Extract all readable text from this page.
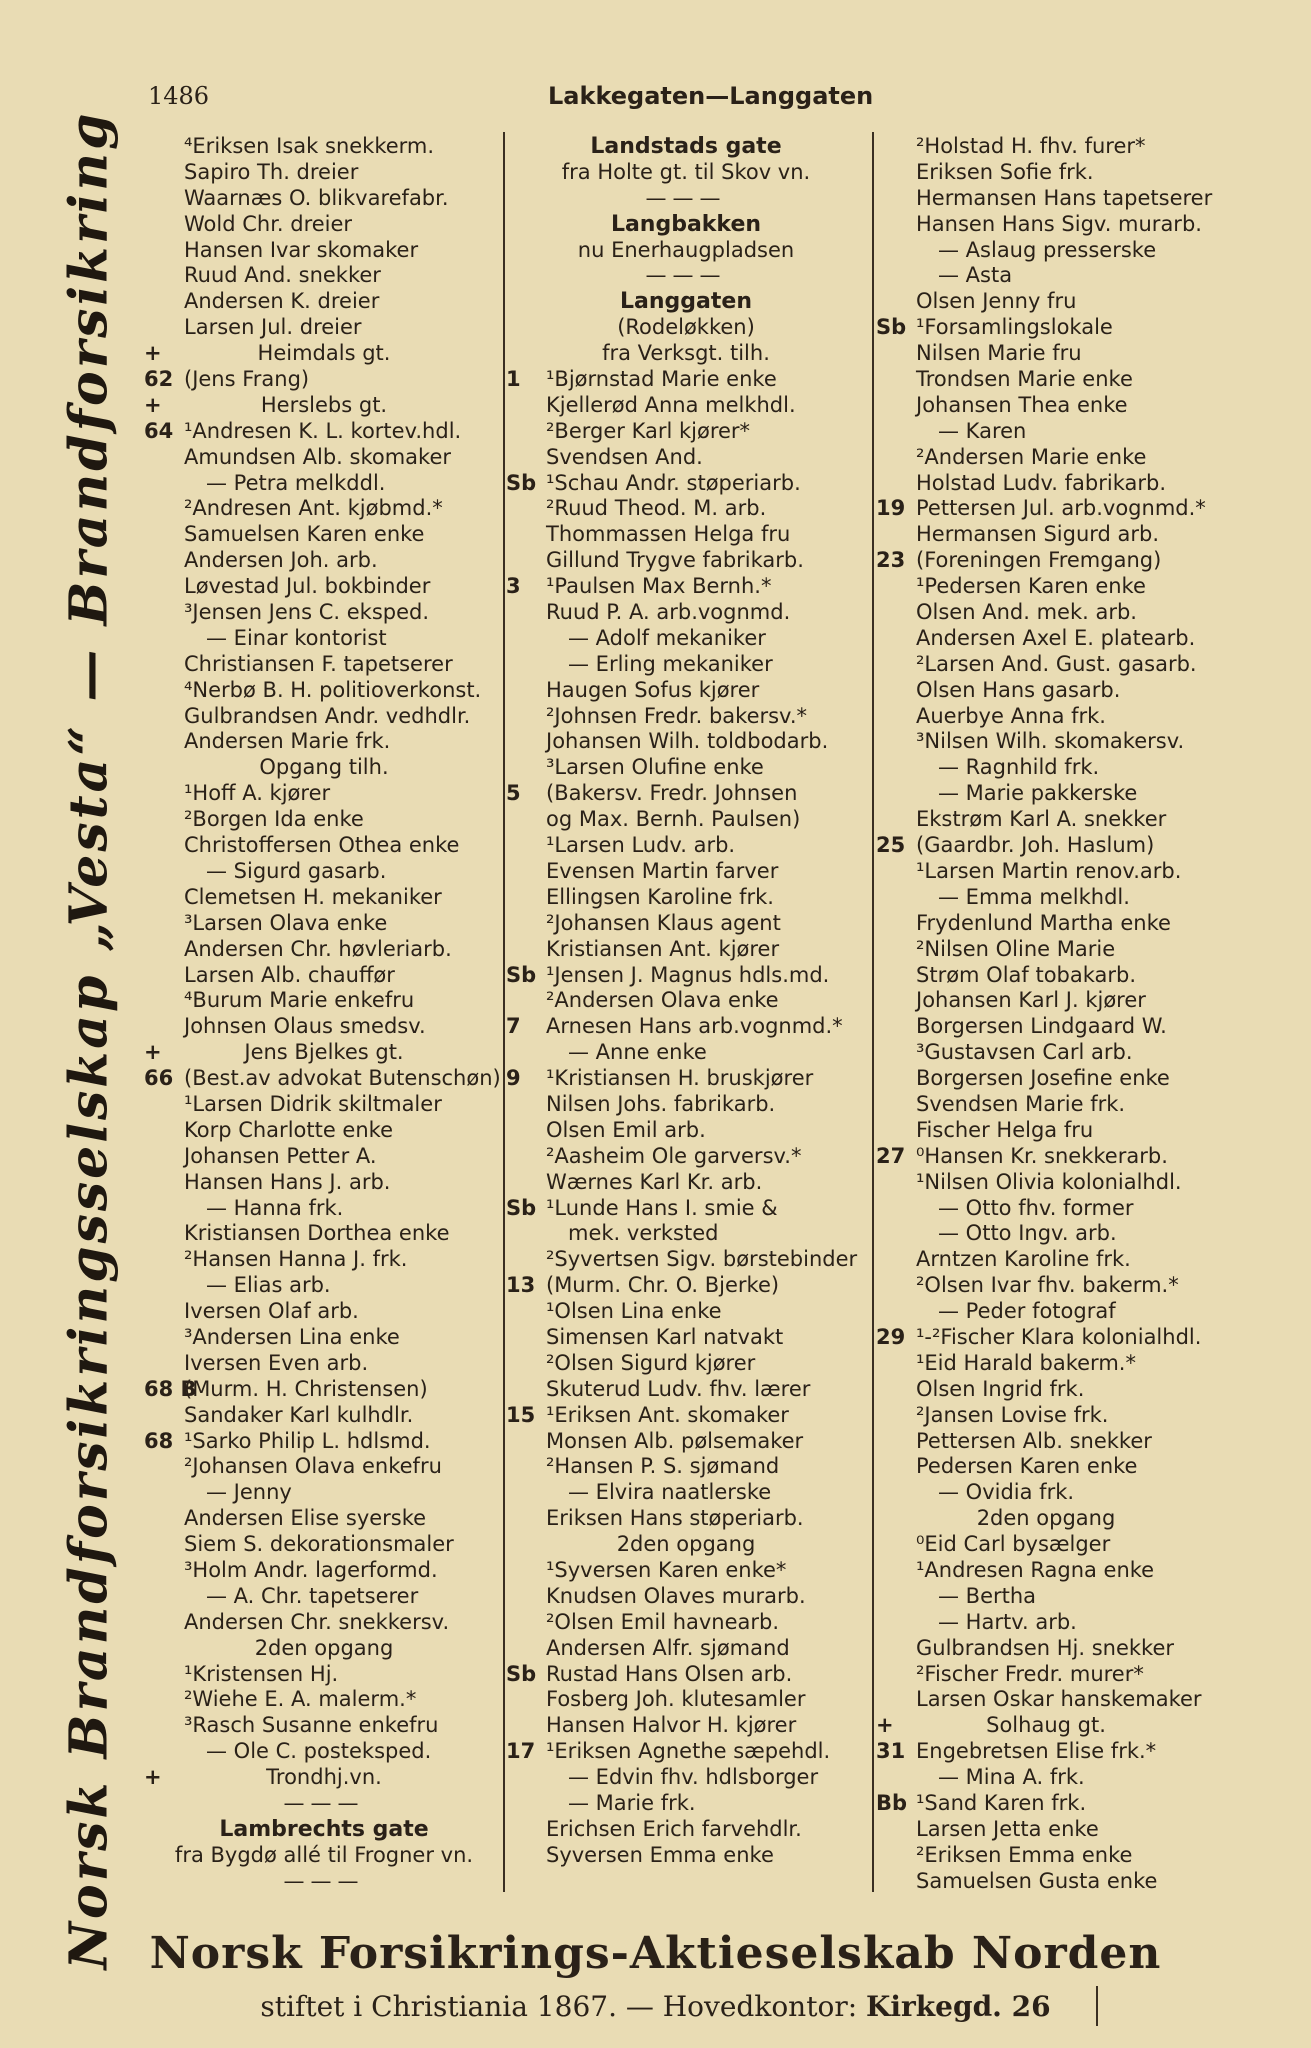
1486	Lakkegaten—Langgaten
Norsk Brandforsikringsselskap „Vesta“ — Brandforsikring	⁴Eriksen Isak snekkerm.
Sapiro Th. dreier
Waarnæs O. blikvarefabr.
Wold Chr. dreier
Hansen Ivar skomaker
Ruud And. snekker
Andersen K. dreier
Larsen Jul. dreier
+	Heimdals gt.
62 (Jens Frang)
+	Herslebs gt.
64 ¹Andresen K. L. kortev.hdl.
Amundsen Alb. skomaker
— Petra melkddl.
²Andresen Ant. kjøbmd.*
Samuelsen Karen enke
Andersen Joh. arb.
Løvestad Jul. bokbinder
³Jensen Jens C. eksped.
— Einar kontorist
Christiansen F. tapetserer
⁴Nerbø B. H. politioverkonst.
Gulbrandsen Andr. vedhdlr.
Andersen Marie frk.
Opgang tilh.
¹Hoff A. kjører
²Borgen Ida enke
Christoffersen Othea enke
— Sigurd gasarb.
Clemetsen H. mekaniker
³Larsen Olava enke
Andersen Chr. høvleriarb.
Larsen Alb. chauffør
⁴Burum Marie enkefru
Johnsen Olaus smedsv.
+	Jens Bjelkes gt.
66 (Best.av advokat Butenschøn)
¹Larsen Didrik skiltmaler
Korp Charlotte enke
Johansen Petter A.
Hansen Hans J. arb.
— Hanna frk.
Kristiansen Dorthea enke
²Hansen Hanna J. frk.
— Elias arb.
Iversen Olaf arb.
³Andersen Lina enke
Iversen Even arb.
68 B
(Murm. H. Christensen)
Sandaker Karl kulhdlr.
68 ¹Sarko Philip L. hdlsmd.
²Johansen Olava enkefru
— Jenny
Andersen Elise syerske
Siem S. dekorationsmaler
³Holm Andr. lagerformd.
— A. Chr. tapetserer
Andersen Chr. snekkersv.
2den opgang
¹Kristensen Hj.
²Wiehe E. A. malerm.*
³Rasch Susanne enkefru
— Ole C. posteksped.
+	Trondhj.vn.
———
Lambrechts gate
fra Bygdø allé til Frogner vn.
———
Landstads gate
fra Holte gt. til Skov vn.
———
Langbakken
nu Enerhaugpladsen
———
Langgaten
(Rodeløkken)
fra Verksgt. tilh.
1 ¹Bjørnstad Marie enke
Kjellerød Anna melkhdl.
²Berger Karl kjører*
Svendsen And.
Sb ¹Schau Andr. støperiarb.
²Ruud Theod. M. arb.
Thommassen Helga fru
Gillund Trygve fabrikarb.
3 ¹Paulsen Max Bernh.*
Ruud P. A. arb.vognmd.
— Adolf mekaniker
— Erling mekaniker
Haugen Sofus kjører
²Johnsen Fredr. bakersv.*
Johansen Wilh. toldbodarb.
³Larsen Olufine enke
5 (Bakersv. Fredr. Johnsen
og Max. Bernh. Paulsen)
¹Larsen Ludv. arb.
Evensen Martin farver
Ellingsen Karoline frk.
²Johansen Klaus agent
Kristiansen Ant. kjører
Sb ¹Jensen J. Magnus hdls.md.
²Andersen Olava enke
7 Arnesen Hans arb.vognmd.*
— Anne enke
9 ¹Kristiansen H. bruskjører
Nilsen Johs. fabrikarb.
Olsen Emil arb.
²Aasheim Ole garversv.*
Wærnes Karl Kr. arb.
Sb ¹Lunde Hans I. smie &
mek. verksted
²Syvertsen Sigv. børstebinder
13 (Murm. Chr. O. Bjerke)
¹Olsen Lina enke
Simensen Karl natvakt
²Olsen Sigurd kjører
Skuterud Ludv. fhv. lærer
15 ¹Eriksen Ant. skomaker
Monsen Alb. pølsemaker
²Hansen P. S. sjømand
— Elvira naatlerske
Eriksen Hans støperiarb.
2den opgang
¹Syversen Karen enke*
Knudsen Olaves murarb.
²Olsen Emil havnearb.
Andersen Alfr. sjømand
Sb Rustad Hans Olsen arb.
Fosberg Joh. klutesamler
Hansen Halvor H. kjører
17 ¹Eriksen Agnethe sæpehdl.
— Edvin fhv. hdlsborger
— Marie frk.
Erichsen Erich farvehdlr.
Syversen Emma enke
²Holstad H. fhv. furer*
Eriksen Sofie frk.
Hermansen Hans tapetserer
Hansen Hans Sigv. murarb.
— Aslaug presserske
— Asta
Olsen Jenny fru
Sb ¹Forsamlingslokale
Nilsen Marie fru
Trondsen Marie enke
Johansen Thea enke
— Karen
²Andersen Marie enke
Holstad Ludv. fabrikarb.
19 Pettersen Jul. arb.vognmd.*
Hermansen Sigurd arb.
23 (Foreningen Fremgang)
¹Pedersen Karen enke
Olsen And. mek. arb.
Andersen Axel E. platearb.
²Larsen And. Gust. gasarb.
Olsen Hans gasarb.
Auerbye Anna frk.
³Nilsen Wilh. skomakersv.
— Ragnhild frk.
— Marie pakkerske
Ekstrøm Karl A. snekker
25 (Gaardbr. Joh. Haslum)
¹Larsen Martin renov.arb.
— Emma melkhdl.
Frydenlund Martha enke
²Nilsen Oline Marie
Strøm Olaf tobakarb.
Johansen Karl J. kjører
Borgersen Lindgaard W.
³Gustavsen Carl arb.
Borgersen Josefine enke
Svendsen Marie frk.
Fischer Helga fru
27 ⁰Hansen Kr. snekkerarb.
¹Nilsen Olivia kolonialhdl.
— Otto fhv. former
— Otto Ingv. arb.
Arntzen Karoline frk.
²Olsen Ivar fhv. bakerm.*
— Peder fotograf
29 ¹-²Fischer Klara kolonialhdl.
¹Eid Harald bakerm.*
Olsen Ingrid frk.
²Jansen Lovise frk.
Pettersen Alb. snekker
Pedersen Karen enke
— Ovidia frk.
2den opgang
⁰Eid Carl bysælger
¹Andresen Ragna enke
— Bertha
— Hartv. arb.
Gulbrandsen Hj. snekker
²Fischer Fredr. murer*
Larsen Oskar hanskemaker
+	Solhaug gt.
31 Engebretsen Elise frk.*
— Mina A. frk.
Bb ¹Sand Karen frk.
Larsen Jetta enke
²Eriksen Emma enke
Samuelsen Gusta enke
Norsk Forsikrings-Aktieselskab Norden
stiftet i Christiania 1867. — Hovedkontor: Kirkegd. 26
